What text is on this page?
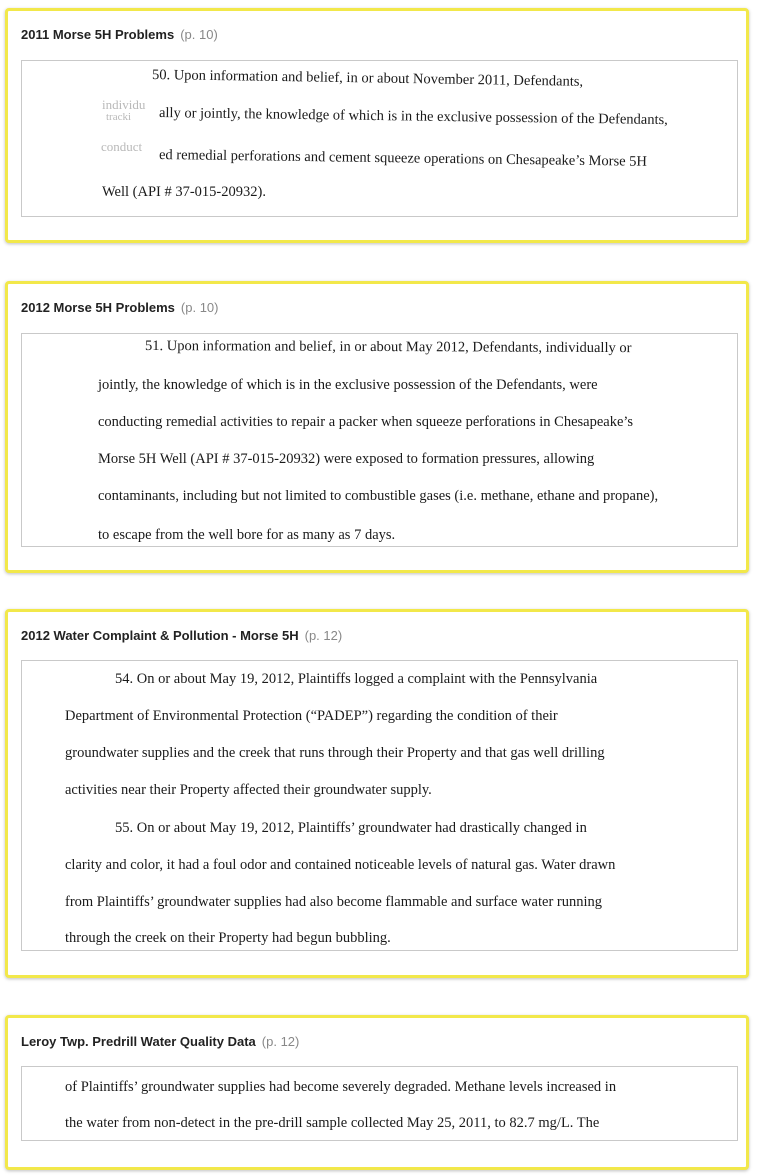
2011 Morse 5H Problems (p. 10)
individu
tracki
conduct
50. Upon information and belief, in or about November 2011, Defendants,
ally or jointly, the knowledge of which is in the exclusive possession of the Defendants,
ed remedial perforations and cement squeeze operations on Chesapeake’s Morse 5H
Well (API # 37-015-20932).
2012 Morse 5H Problems (p. 10)
51. Upon information and belief, in or about May 2012, Defendants, individually or
jointly, the knowledge of which is in the exclusive possession of the Defendants, were
conducting remedial activities to repair a packer when squeeze perforations in Chesapeake’s
Morse 5H Well (API # 37-015-20932) were exposed to formation pressures, allowing
contaminants, including but not limited to combustible gases (i.e. methane, ethane and propane),
to escape from the well bore for as many as 7 days.
2012 Water Complaint & Pollution - Morse 5H (p. 12)
54. On or about May 19, 2012, Plaintiffs logged a complaint with the Pennsylvania
Department of Environmental Protection (“PADEP”) regarding the condition of their
groundwater supplies and the creek that runs through their Property and that gas well drilling
activities near their Property affected their groundwater supply.
55. On or about May 19, 2012, Plaintiffs’ groundwater had drastically changed in
clarity and color, it had a foul odor and contained noticeable levels of natural gas. Water drawn
from Plaintiffs’ groundwater supplies had also become flammable and surface water running
through the creek on their Property had begun bubbling.
Leroy Twp. Predrill Water Quality Data (p. 12)
of Plaintiffs’ groundwater supplies had become severely degraded. Methane levels increased in
the water from non-detect in the pre-drill sample collected May 25, 2011, to 82.7 mg/L. The
